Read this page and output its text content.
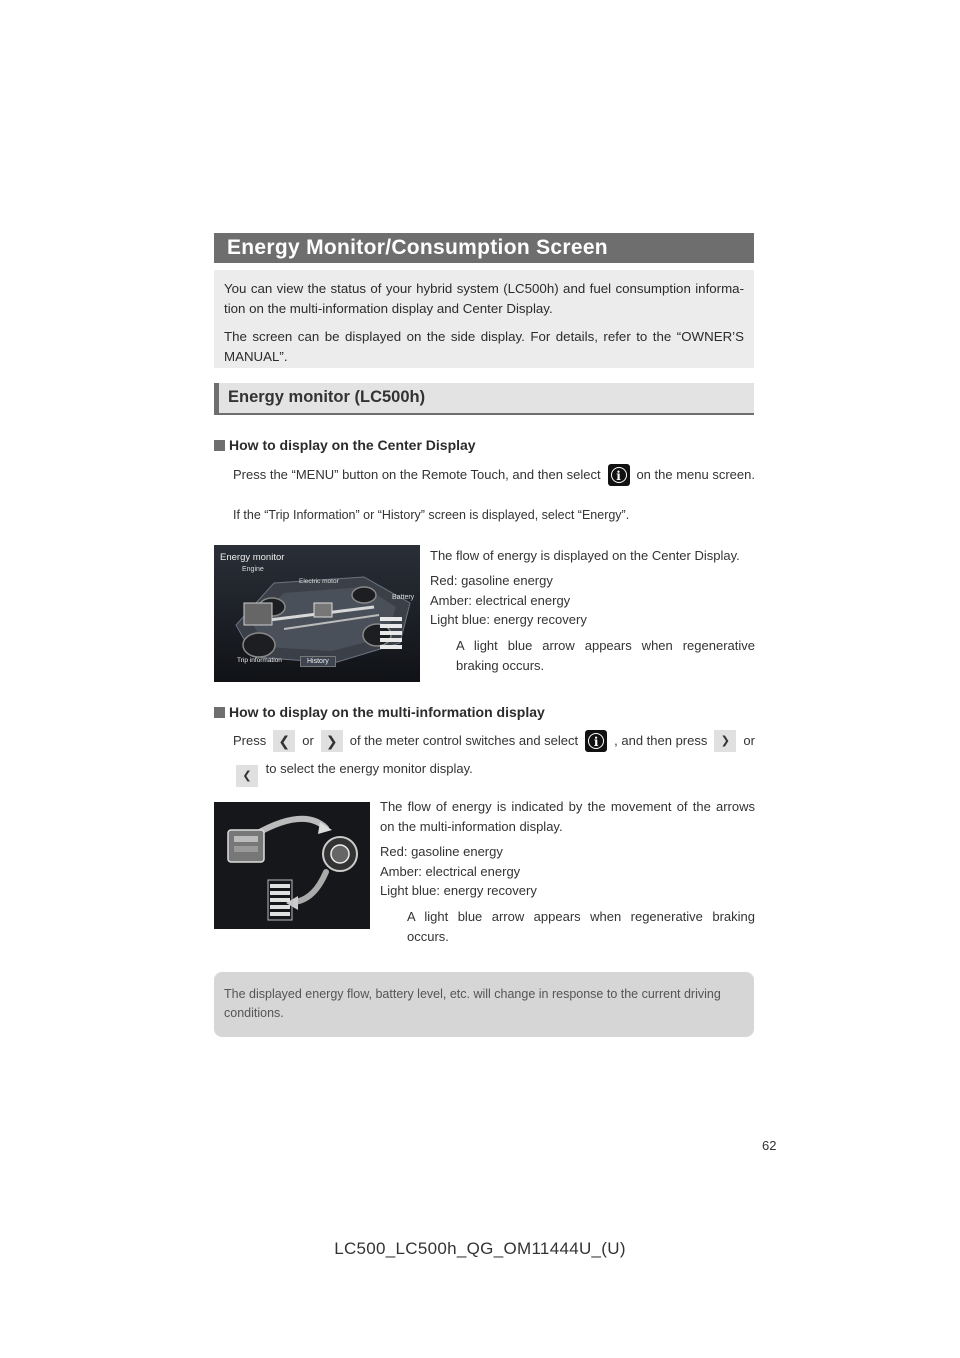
Energy Monitor/Consumption Screen

You can view the status of your hybrid system (LC500h) and fuel consumption informa-tion on the multi-information display and Center Display.

The screen can be displayed on the side display. For details, refer to the “OWNER’S MANUAL”.

Energy monitor (LC500h)
How to display on the Center Display
Press the “MENU” button on the Remote Touch, and then select i	on the menu screen.
If the “Trip Information” or “History” screen is displayed, select “Energy”.
Energy monitor
Engine
Electric motor
Battery
Trip information	History
The flow of energy is displayed on the Center Display.
Red: gasoline energy
Amber: electrical energy
Light blue: energy recovery
A light blue arrow appears when regenerative braking occurs.
How to display on the multi-information display
Press ❮ or ❯ of the meter control switches and select i	, and then press	❯	or
❮ to select the energy monitor display.
The flow of energy is indicated by the movement of the arrows on the multi-information display.
Red: gasoline energy
Amber: electrical energy
Light blue: energy recovery
A light blue arrow appears when regenerative braking occurs.
The displayed energy flow, battery level, etc. will change in response to the current driving conditions.
62
LC500_LC500h_QG_OM11444U_(U)
